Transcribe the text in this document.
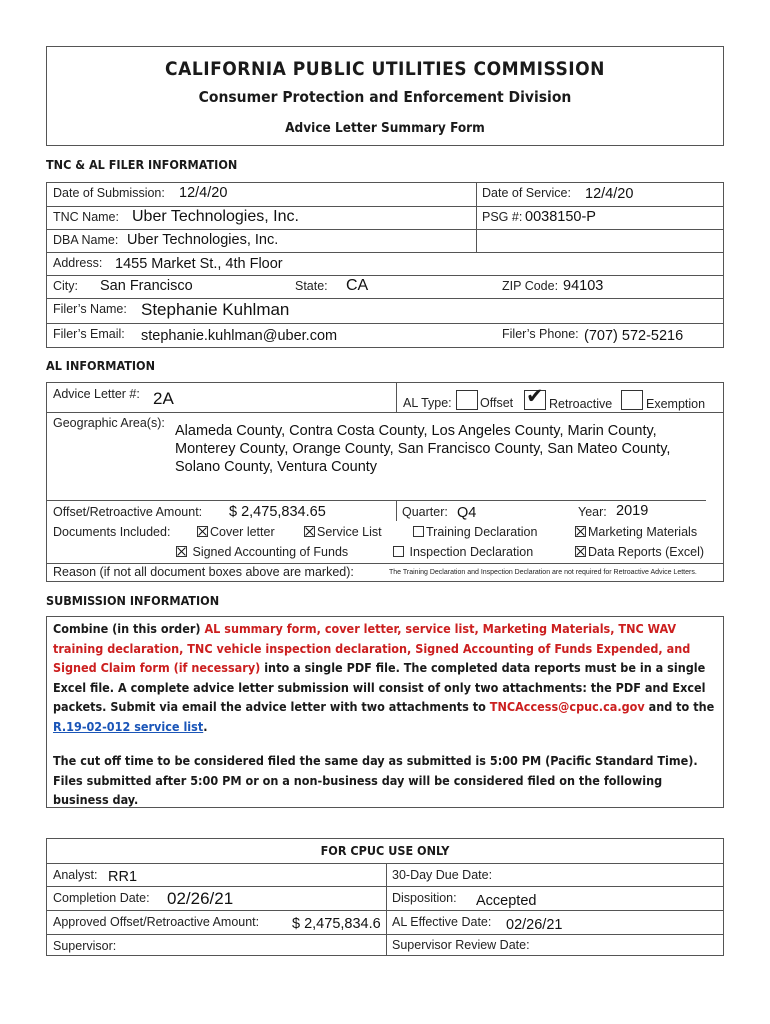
CALIFORNIA PUBLIC UTILITIES COMMISSION
Consumer Protection and Enforcement Division
Advice Letter Summary Form
TNC & AL FILER INFORMATION
Date of Submission: 12/4/20	Date of Service: 12/4/20
TNC Name: Uber Technologies, Inc.	PSG #: 0038150-P
DBA Name: Uber Technologies, Inc.
Address: 1455 Market St., 4th Floor
City: San Francisco	State: CA	ZIP Code: 94103
Filer’s Name: Stephanie Kuhlman
Filer’s Email: stephanie.kuhlman@uber.com	Filer’s Phone: (707) 572-5216
AL INFORMATION
Advice Letter #: 2A	AL Type: Offset ✔ Retroactive	Exemption
Geographic Area(s): Alameda County, Contra Costa County, Los Angeles County, Marin County,
Monterey County, Orange County, San Francisco County, San Mateo County,
Solano County, Ventura County
Offset/Retroactive Amount: $ 2,475,834.65	Quarter: Q4	Year: 2019
Documents Included:	Cover letter	Service List	Training Declaration	Marketing Materials
Signed Accounting of Funds	Inspection Declaration	Data Reports (Excel)
Reason (if not all document boxes above are marked):	The Training Declaration and Inspection Declaration are not required for Retroactive Advice Letters.
SUBMISSION INFORMATION
Combine (in this order) AL summary form, cover letter, service list, Marketing Materials, TNC WAV training declaration, TNC vehicle inspection declaration, Signed Accounting of Funds Expended, and Signed Claim form (if necessary) into a single PDF file. The completed data reports must be in a single Excel file. A complete advice letter submission will consist of only two attachments: the PDF and Excel packets. Submit via email the advice letter with two attachments to TNCAccess@cpuc.ca.gov and to the R.19-02-012 service list.
The cut off time to be considered filed the same day as submitted is 5:00 PM (Pacific Standard Time). Files submitted after 5:00 PM or on a non-business day will be considered filed on the following business day.
FOR CPUC USE ONLY
Analyst: RR1	30-Day Due Date:
Completion Date: 02/26/21	Disposition: Accepted
Approved Offset/Retroactive Amount: $ 2,475,834.6 AL Effective Date: 02/26/21
Supervisor:	Supervisor Review Date:
